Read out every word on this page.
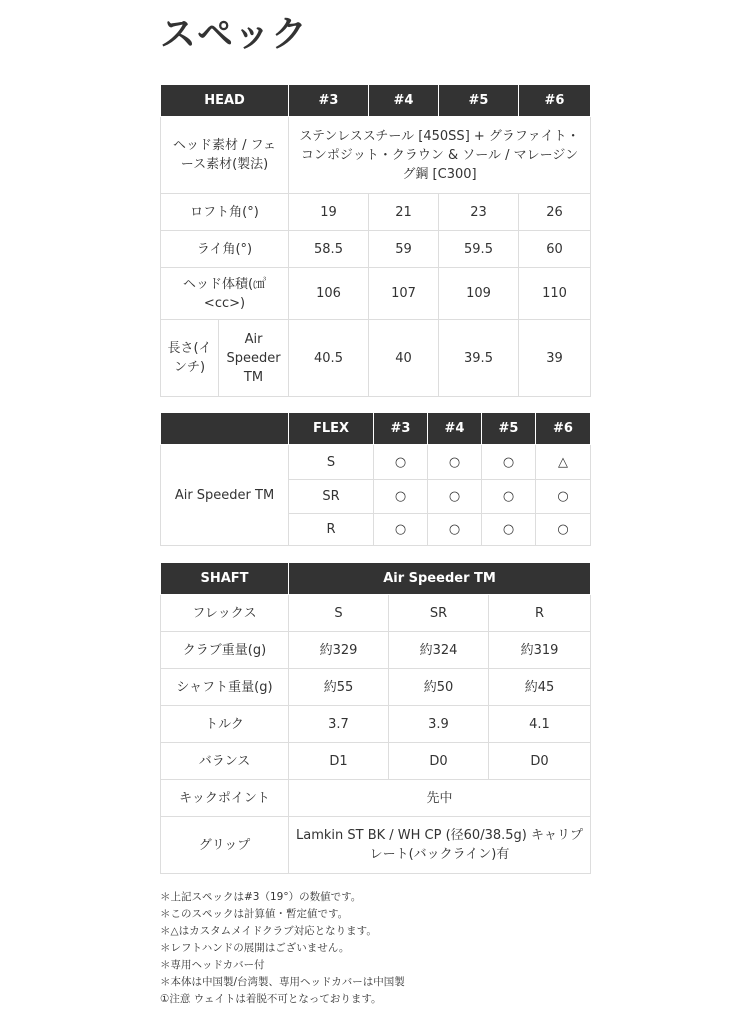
スペック
HEAD		#3	#4	#5	#6
ヘッド素材 / フェース素材(製法)		ステンレススチール [450SS] + グラファイト・コンポジット・クラウン & ソール / マレージング鋼 [C300]			
ロフト角(°)		19	21	23	26
ライ角(°)		58.5	59	59.5	60
ヘッド体積(㎤<cc>)		106	107	109	110
長さ(インチ)	Air Speeder TM	40.5	40	39.5	39
	FLEX	#3	#4	#5	#6
Air Speeder TM	S	○	○	○	△
	SR	○	○	○	○
	R	○	○	○	○
SHAFT	Air Speeder TM		
フレックス	S	SR	R
クラブ重量(g)	約329	約324	約319
シャフト重量(g)	約55	約50	約45
トルク	3.7	3.9	4.1
バランス	D1	D0	D0
キックポイント	先中		
グリップ	Lamkin ST BK / WH CP (径60/38.5g) キャリプレート(バックライン)有		
＊上記スペックは#3（19°）の数値です。
＊このスペックは計算値・暫定値です。
＊△はカスタムメイドクラブ対応となります。
＊レフトハンドの展開はございません。
＊専用ヘッドカバー付
＊本体は中国製/台湾製、専用ヘッドカバーは中国製
①注意 ウェイトは着脱不可となっております。
